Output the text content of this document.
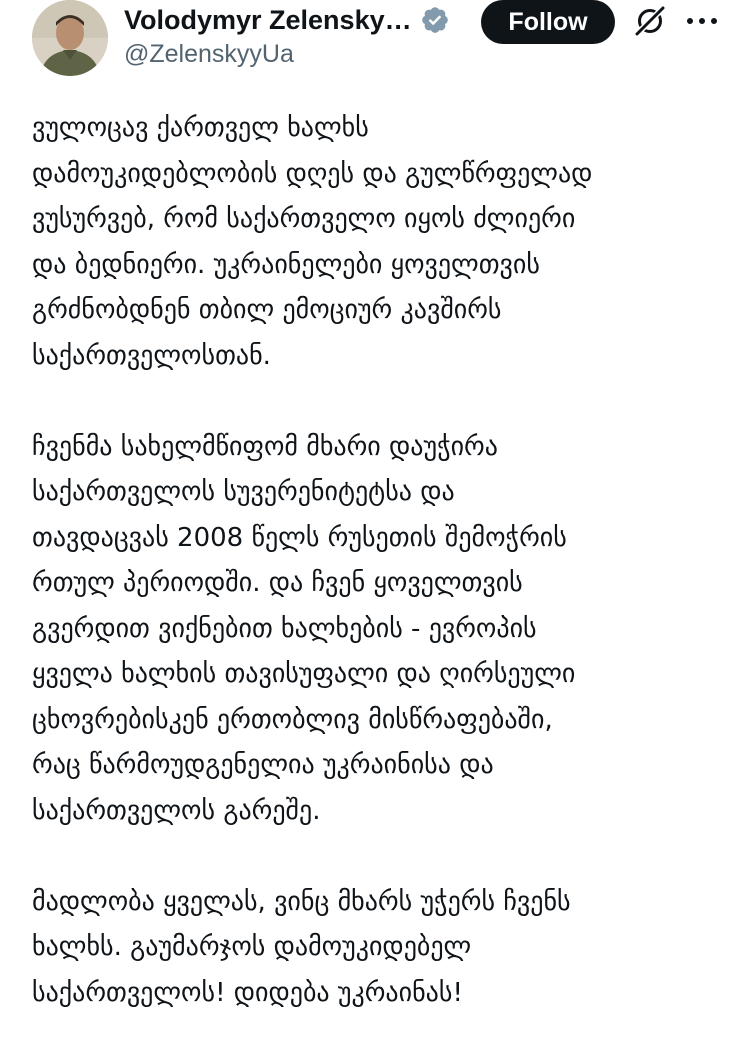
Volodymyr Zelensky…
@ZelenskyyUa
Follow

ვულოცავ ქართველ ხალხს
დამოუკიდებლობის დღეს და გულწრფელად
ვუსურვებ, რომ საქართველო იყოს ძლიერი
და ბედნიერი. უკრაინელები ყოველთვის
გრძნობდნენ თბილ ემოციურ კავშირს
საქართველოსთან.

ჩვენმა სახელმწიფომ მხარი დაუჭირა
საქართველოს სუვერენიტეტსა და
თავდაცვას 2008 წელს რუსეთის შემოჭრის
რთულ პერიოდში. და ჩვენ ყოველთვის
გვერდით ვიქნებით ხალხების - ევროპის
ყველა ხალხის თავისუფალი და ღირსეული
ცხოვრებისკენ ერთობლივ მისწრაფებაში,
რაც წარმოუდგენელია უკრაინისა და
საქართველოს გარეშე.

მადლობა ყველას, ვინც მხარს უჭერს ჩვენს
ხალხს. გაუმარჯოს დამოუკიდებელ
საქართველოს! დიდება უკრაინას!
